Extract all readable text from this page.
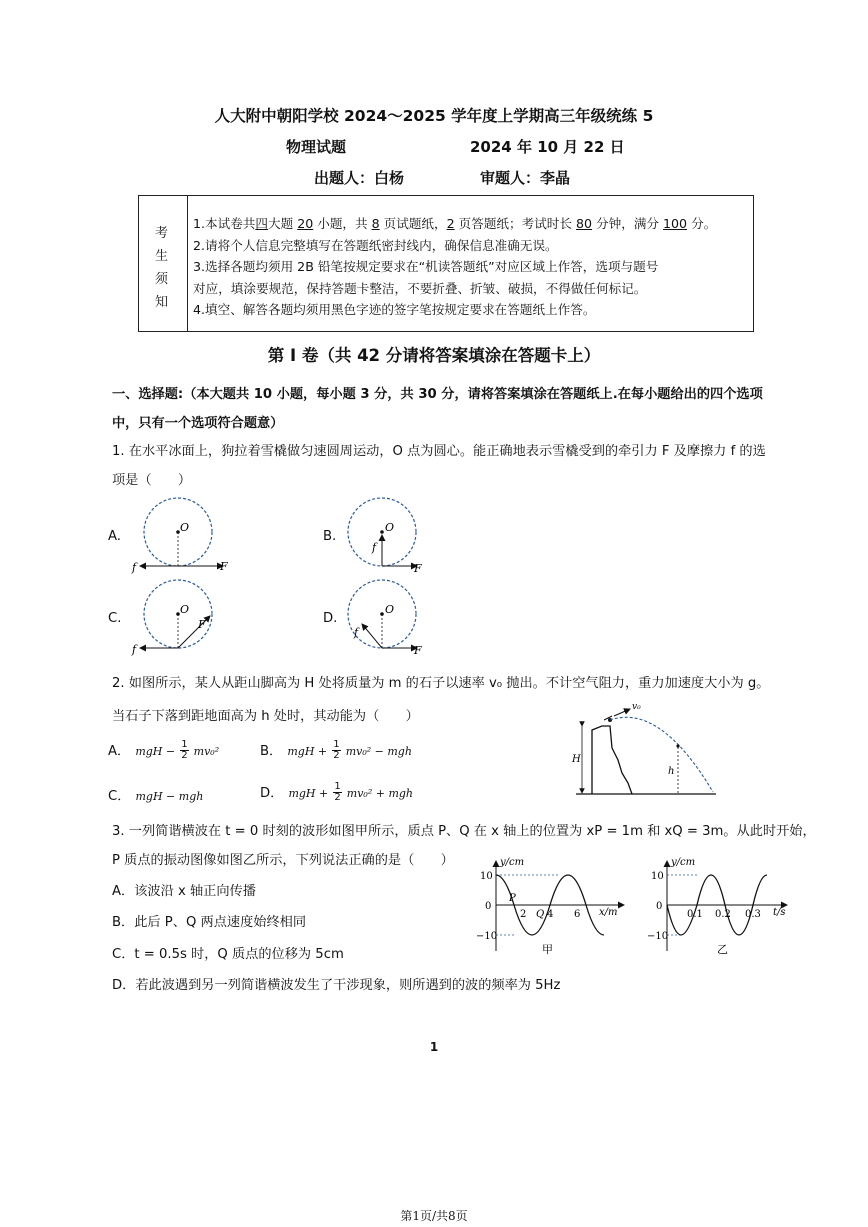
人大附中朝阳学校 2024～2025 学年度上学期高三年级统练 5
物理试题	2024 年 10 月 22 日
出题人：白杨	审题人：李晶
考
生
须
知
1.本试卷共四大题 20 小题，共 8 页试题纸，2 页答题纸；考试时长 80 分钟，满分 100 分。
2.请将个人信息完整填写在答题纸密封线内，确保信息准确无误。
3.选择各题均须用 2B 铅笔按规定要求在“机读答题纸”对应区域上作答，选项与题号
对应，填涂要规范，保持答题卡整洁，不要折叠、折皱、破损，不得做任何标记。
4.填空、解答各题均须用黑色字迹的签字笔按规定要求在答题纸上作答。
第 I 卷（共 42 分请将答案填涂在答题卡上）
一、选择题:（本大题共 10 小题，每小题 3 分，共 30 分，请将答案填涂在答题纸上.在每小题给出的四个选项
中，只有一个选项符合题意）
1. 在水平冰面上，狗拉着雪橇做匀速圆周运动，O 点为圆心。能正确地表示雪橇受到的牵引力 F 及摩擦力 f 的选
项是（　　）
A.	B.
C.	D.
O
F
f
O
F
f
O
F
f
O
F
f
2. 如图所示，某人从距山脚高为 H 处将质量为 m 的石子以速率 v₀ 抛出。不计空气阻力，重力加速度大小为 g。
当石子下落到距地面高为 h 处时，其动能为（　　）
A． mgH − $\frac{1}{2} mv_0^2$	B． mgH + $\frac{1}{2} mv_0^2$ − mgh
C． mgH − mgh	D． mgH + $\frac{1}{2} mv_0^2$ + mgh
v₀
H
h
3. 一列简谐横波在 t = 0 时刻的波形如图甲所示，质点 P、Q 在 x 轴上的位置为 xP = 1m 和 xQ = 3m。从此时开始，
P 质点的振动图像如图乙所示，下列说法正确的是（　　）
A．该波沿 x 轴正向传播
B．此后 P、Q 两点速度始终相同
C．t = 0.5s 时，Q 质点的位移为 5cm
D．若此波遇到另一列简谐横波发生了干涉现象，则所遇到的波的频率为 5Hz
y/cm
x/m
10
0
−10
2 4 6
P
Q
甲
y/cm
t/s
10
0
−10
0.1 0.2 0.3
乙
1
第1页/共8页
